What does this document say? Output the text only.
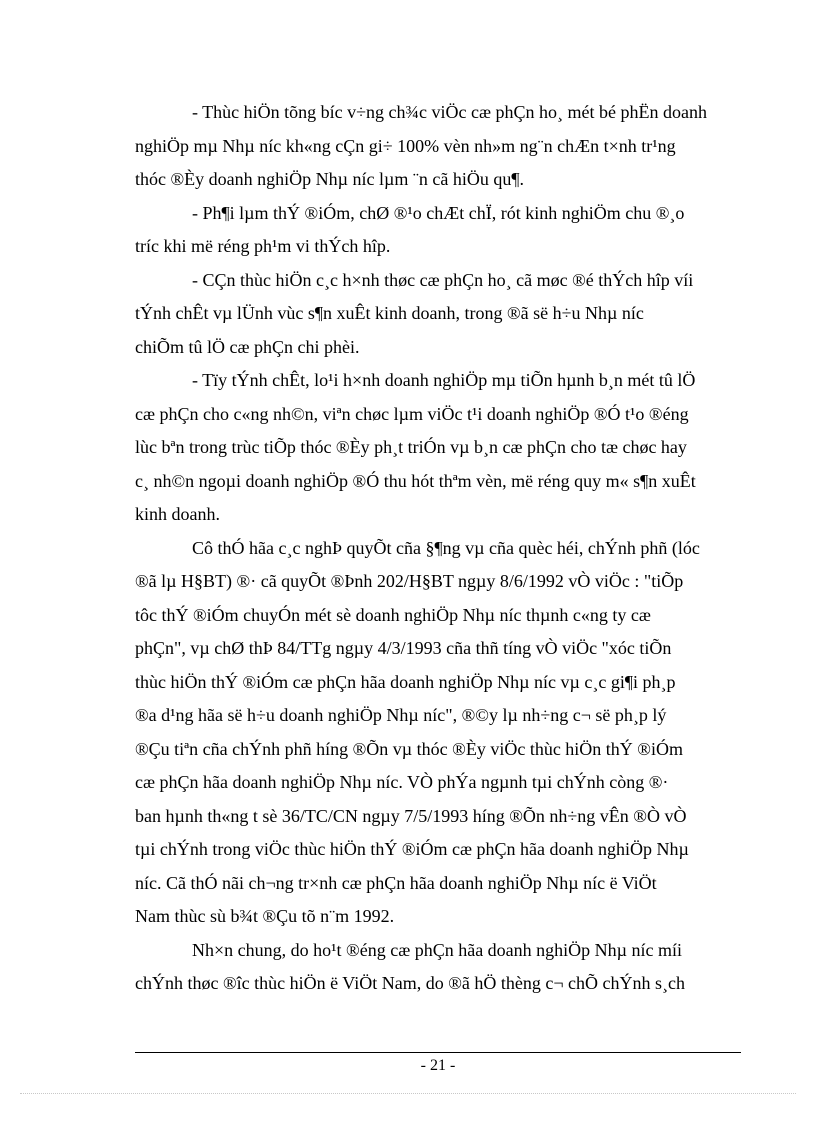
- Thùc hiÖn tõng bíc v÷ng ch¾c viÖc cæ phÇn ho¸ mét bé phËn doanh
nghiÖp mµ Nhµ níc kh«ng cÇn gi÷ 100% vèn nh»m ng¨n chÆn t×nh tr¹ng
thóc ®Èy doanh nghiÖp Nhµ níc lµm ¨n cã hiÖu qu¶.

- Ph¶i lµm thÝ ®iÓm, chØ ®¹o chÆt chÏ, rót kinh nghiÖm chu ®¸o
tríc khi më réng ph¹m vi thÝch hîp.

- CÇn thùc hiÖn c¸c h×nh thøc cæ phÇn ho¸ cã møc ®é thÝch hîp víi
tÝnh chÊt vµ lÜnh vùc s¶n xuÊt kinh doanh, trong ®ã së h÷u Nhµ níc
chiÕm tû lÖ cæ phÇn chi phèi.

- Tïy tÝnh chÊt, lo¹i h×nh doanh nghiÖp mµ tiÕn hµnh b¸n mét tû lÖ
cæ phÇn cho c«ng nh©n, viªn chøc lµm viÖc t¹i doanh nghiÖp ®Ó t¹o ®éng
lùc bªn trong trùc tiÕp thóc ®Èy ph¸t triÓn vµ b¸n cæ phÇn cho tæ chøc hay
c¸ nh©n ngoµi doanh nghiÖp ®Ó thu hót thªm vèn, më réng quy m« s¶n xuÊt
kinh doanh.

Cô thÓ hãa c¸c nghÞ quyÕt cña §¶ng vµ cña quèc héi, chÝnh phñ (lóc
®ã lµ H§BT) ®· cã quyÕt ®Þnh 202/H§BT ngµy 8/6/1992 vÒ viÖc : "tiÕp
tôc thÝ ®iÓm chuyÓn mét sè doanh nghiÖp Nhµ níc thµnh c«ng ty cæ
phÇn", vµ chØ thÞ 84/TTg ngµy 4/3/1993 cña thñ tíng vÒ viÖc "xóc tiÕn
thùc hiÖn thÝ ®iÓm cæ phÇn hãa doanh nghiÖp Nhµ níc vµ c¸c gi¶i ph¸p
®a d¹ng hãa së h÷u doanh nghiÖp Nhµ níc", ®©y lµ nh÷ng c¬ së ph¸p lý
®Çu tiªn cña chÝnh phñ híng ®Õn vµ thóc ®Èy viÖc thùc hiÖn thÝ ®iÓm
cæ phÇn hãa doanh nghiÖp Nhµ níc. VÒ phÝa ngµnh tµi chÝnh còng ®·
ban hµnh th«ng t sè 36/TC/CN ngµy 7/5/1993 híng ®Õn nh÷ng vÊn ®Ò vÒ
tµi chÝnh trong viÖc thùc hiÖn thÝ ®iÓm cæ phÇn hãa doanh nghiÖp Nhµ
níc. Cã thÓ nãi ch¬ng tr×nh cæ phÇn hãa doanh nghiÖp Nhµ níc ë ViÖt
Nam thùc sù b¾t ®Çu tõ n¨m 1992.

Nh×n chung, do ho¹t ®éng cæ phÇn hãa doanh nghiÖp Nhµ níc míi
chÝnh thøc ®îc thùc hiÖn ë ViÖt Nam, do ®ã hÖ thèng c¬ chÕ chÝnh s¸ch

- 21 -
